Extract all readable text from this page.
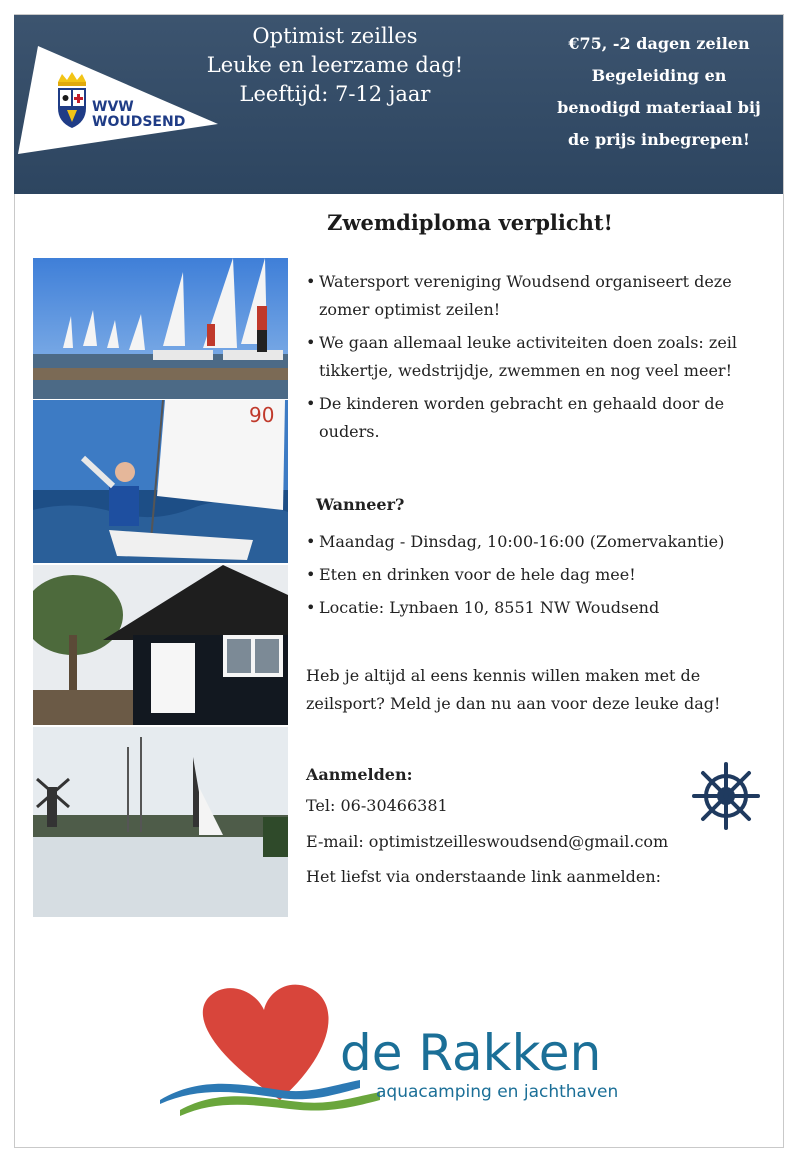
WVW
WOUDSEND
Optimist zeilles
Leuke en leerzame dag!
Leeftijd: 7-12 jaar
€75, -2 dagen zeilen
Begeleiding en
benodigd materiaal bij
de prijs inbegrepen!
Zwemdiploma verplicht!
90
• Watersport vereniging Woudsend organiseert deze zomer optimist zeilen!
• We gaan allemaal leuke activiteiten doen zoals: zeil tikkertje, wedstrijdje, zwemmen en nog veel meer!
• De kinderen worden gebracht en gehaald door de ouders.
Wanneer?
• Maandag - Dinsdag, 10:00-16:00 (Zomervakantie)
• Eten en drinken voor de hele dag mee!
• Locatie: Lynbaen 10, 8551 NW Woudsend
Heb je altijd al eens kennis willen maken met de zeilsport? Meld je dan nu aan voor deze leuke dag!
Aanmelden:
Tel: 06-30466381
E-mail: optimistzeilleswoudsend@gmail.com
Het liefst via onderstaande link aanmelden:
de Rakken
aquacamping en jachthaven
